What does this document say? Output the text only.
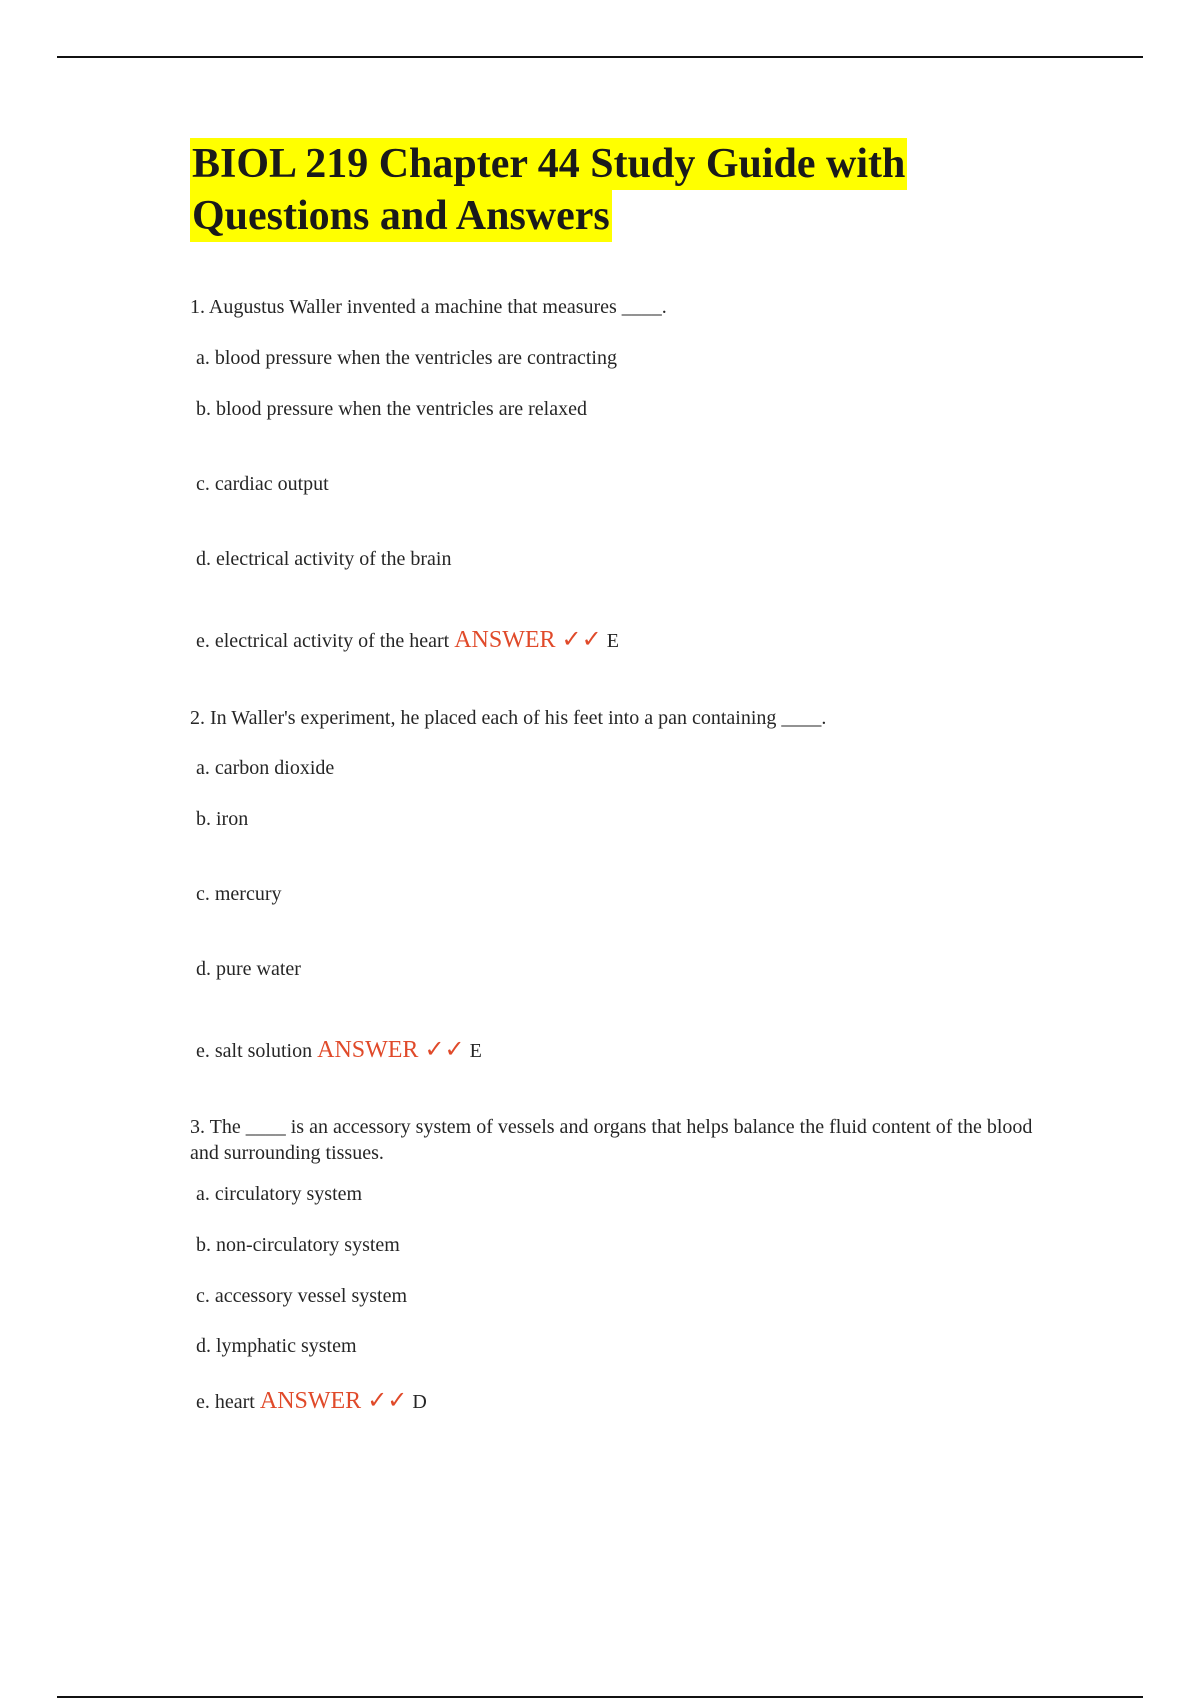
BIOL 219 Chapter 44 Study Guide with
Questions and Answers
1. Augustus Waller invented a machine that measures ____.
a. blood pressure when the ventricles are contracting
b. blood pressure when the ventricles are relaxed
c. cardiac output
d. electrical activity of the brain
e. electrical activity of the heart ANSWER ✓✓ E
2. In Waller's experiment, he placed each of his feet into a pan containing ____.
a. carbon dioxide
b. iron
c. mercury
d. pure water
e. salt solution ANSWER ✓✓ E
3. The ____ is an accessory system of vessels and organs that helps balance the fluid content of the blood and surrounding tissues.
a. circulatory system
b. non-circulatory system
c. accessory vessel system
d. lymphatic system
e. heart ANSWER ✓✓ D
